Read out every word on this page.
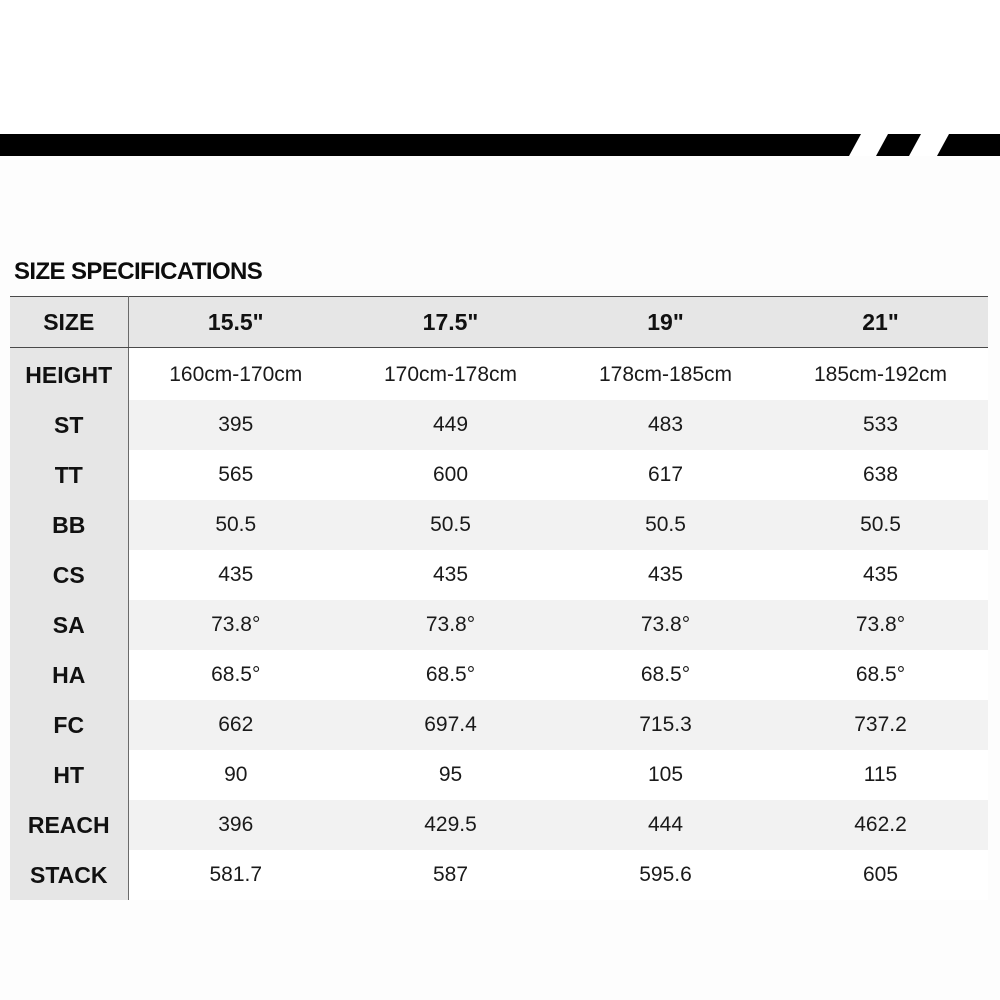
SIZE SPECIFICATIONS
SIZE	15.5"	17.5"	19"	21"
HEIGHT	160cm-170cm	170cm-178cm	178cm-185cm	185cm-192cm
ST	395	449	483	533
TT	565	600	617	638
BB	50.5	50.5	50.5	50.5
CS	435	435	435	435
SA	73.8°	73.8°	73.8°	73.8°
HA	68.5°	68.5°	68.5°	68.5°
FC	662	697.4	715.3	737.2
HT	90	95	105	115
REACH	396	429.5	444	462.2
STACK	581.7	587	595.6	605
